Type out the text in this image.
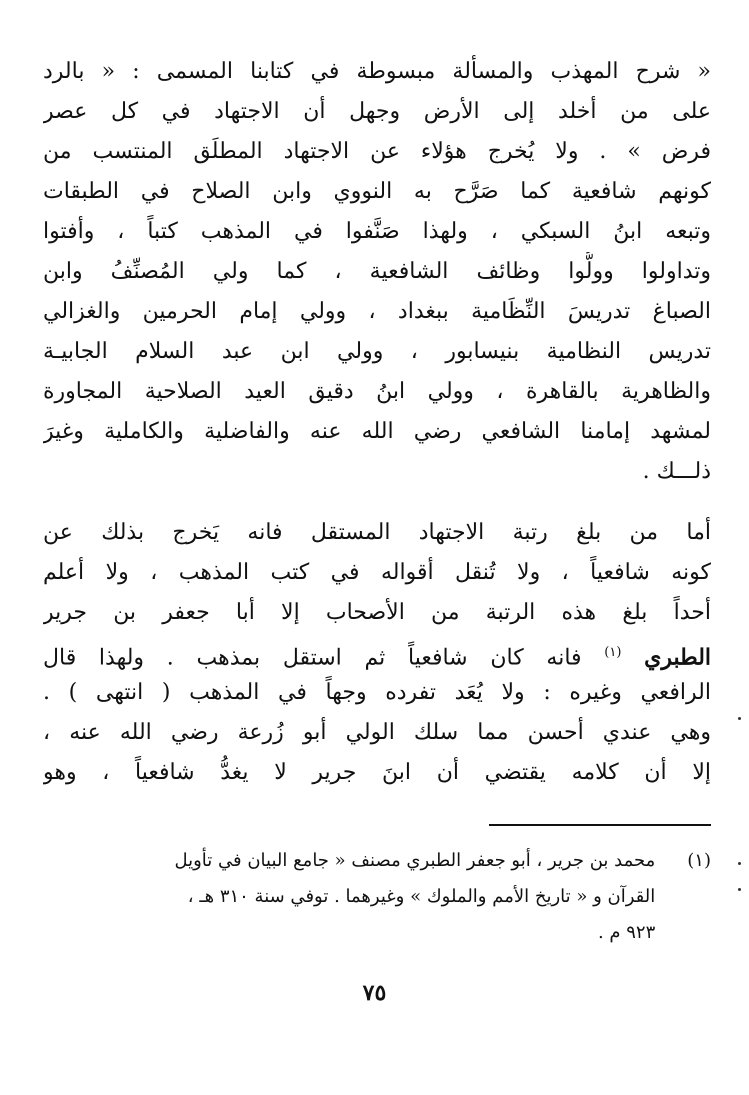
« شرح المهذب والمسألة مبسوطة في كتابنا المسمى : « بالرد
على من أخلد إلى الأرض وجهل أن الاجتهاد في كل عصر
فرض » . ولا يُخرج هؤلاء عن الاجتهاد المطلَق المنتسب من
كونهم شافعية كما صَرَّح به النووي وابن الصلاح في الطبقات
وتبعه ابنُ السبكي ، ولهذا صَنَّفوا في المذهب كتباً ، وأفتوا
وتداولوا وولُّوا وظائف الشافعية ، كما ولي المُصنِّفُ وابن
الصباغ تدريسَ النِّظَامية ببغداد ، وولي إمام الحرمين والغزالي
تدريس النظامية بنيسابور ، وولي ابن عبد السلام الجابيـة
والظاهرية بالقاهرة ، وولي ابنُ دقيق العيد الصلاحية المجاورة
لمشهد إمامنا الشافعي رضي الله عنه والفاضلية والكاملية وغيرَ
ذلـــك .
أما من بلغ رتبة الاجتهاد المستقل فانه يَخرج بذلك عن
كونه شافعياً ، ولا تُنقل أقواله في كتب المذهب ، ولا أعلم
أحداً بلغ هذه الرتبة من الأصحاب إلا أبا جعفر بن جرير
الطبري $^{(١)}$ فانه كان شافعياً ثم استقل بمذهب . ولهذا قال
الرافعي وغيره : ولا يُعَد تفرده وجهاً في المذهب ( انتهى ) .
وهي عندي أحسن مما سلك الولي أبو زُرعة رضي الله عنه ،
إلا أن كلامه يقتضي أن ابنَ جرير لا يغدُّ شافعياً ، وهو
(١) محمد بن جرير ، أبو جعفر الطبري مصنف « جامع البيان في تأويل
القرآن و « تاريخ الأمم والملوك » وغيرهما . توفي سنة ٣١٠ هـ ،
٩٢٣ م .
٧٥
